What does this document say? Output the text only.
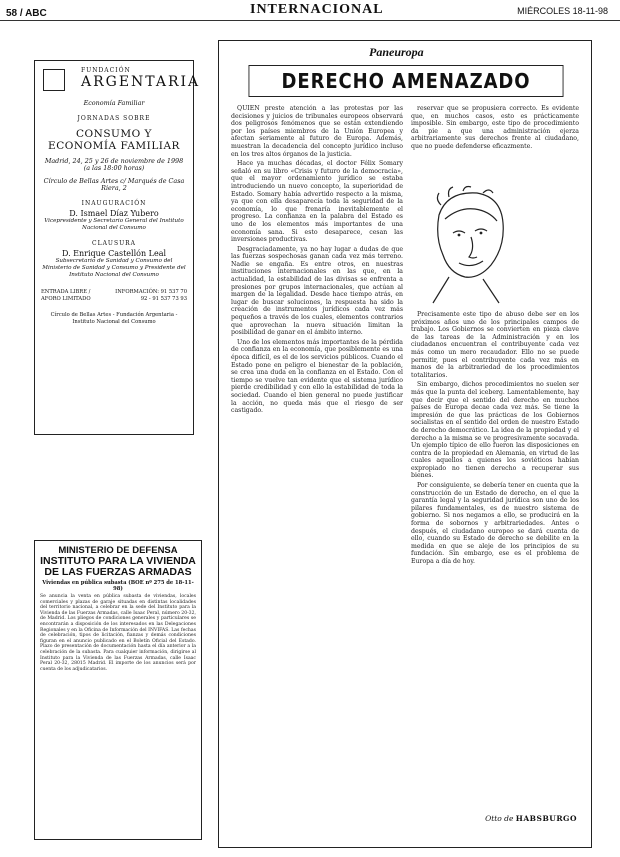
58 / ABC	INTERNACIONAL	MIÉRCOLES 18-11-98
FUNDACIÓN
ARGENTARIA
Economía Familiar
JORNADAS SOBRE
CONSUMO Y ECONOMÍA FAMILIAR
Madrid, 24, 25 y 26 de noviembre de 1998 (a las 18:00 horas)
Círculo de Bellas Artes c/ Marqués de Casa Riera, 2
INAUGURACIÓN
D. Ismael Díaz Yubero
Vicepresidente y Secretario General del Instituto Nacional del Consumo
CLAUSURA
D. Enrique Castellón Leal
Subsecretario de Sanidad y Consumo del Ministerio de Sanidad y Consumo y Presidente del Instituto Nacional del Consumo
ENTRADA LIBRE / AFORO LIMITADO
INFORMACIÓN: 91 537 70 92 - 91 537 73 93
Círculo de Bellas Artes - Fundación Argentaria - Instituto Nacional del Consumo
MINISTERIO DE DEFENSA
INSTITUTO PARA LA VIVIENDA DE LAS FUERZAS ARMADAS
Viviendas en pública subasta (BOE nº 275 de 18-11-98)
Se anuncia la venta en pública subasta de viviendas, locales comerciales y plazas de garaje situadas en distintas localidades del territorio nacional, a celebrar en la sede del Instituto para la Vivienda de las Fuerzas Armadas, calle Isaac Peral, número 20-32, de Madrid. Los pliegos de condiciones generales y particulares se encontrarán a disposición de los interesados en las Delegaciones Regionales y en la Oficina de Información del INVIFAS. Las fechas de celebración, tipos de licitación, fianzas y demás condiciones figuran en el anuncio publicado en el Boletín Oficial del Estado. Plazo de presentación de documentación hasta el día anterior a la celebración de la subasta. Para cualquier información, dirigirse al Instituto para la Vivienda de las Fuerzas Armadas, calle Isaac Peral 20-32, 28015 Madrid. El importe de los anuncios será por cuenta de los adjudicatarios.
Paneuropa
DERECHO AMENAZADO

QUIEN preste atención a las protestas por las decisiones y juicios de tribunales europeos observará dos peligrosos fenómenos que se están extendiendo por los países miembros de la Unión Europea y afectan seriamente al futuro de Europa. Además, muestran la decadencia del concepto jurídico incluso en los tres altos órganos de la justicia.

Hace ya muchas décadas, el doctor Félix Somary señaló en su libro «Crisis y futuro de la democracia», que el mayor ordenamiento jurídico se estaba introduciendo un nuevo concepto, la superioridad de Estado. Somary había advertido respecto a la misma, ya que con ella desaparecía toda la seguridad de la economía, lo que frenaría inevitablemente el progreso. La confianza en la palabra del Estado es uno de los elementos más importantes de una economía sana. Si esto desaparece, cesan las inversiones productivas.

Desgraciadamente, ya no hay lugar a dudas de que las fuerzas sospechosas ganan cada vez más terreno. Nadie se engaña. Es entre otros, en nuestras instituciones internacionales en las que, en la actualidad, la estabilidad de las divisas se enfrenta a presiones por grupos internacionales, que actúan al margen de la legalidad. Desde hace tiempo atrás, en lugar de buscar soluciones, la respuesta ha sido la creación de instrumentos jurídicos cada vez más pequeños a través de los cuales, elementos contrarios que aprovechan la nueva situación limitan la posibilidad de ganar en el ámbito interno.

Uno de los elementos más importantes de la pérdida de confianza en la economía, que posiblemente es una época difícil, es el de los servicios públicos. Cuando el Estado pone en peligro el bienestar de la población, se crea una duda en la confianza en el Estado. Con el tiempo se vuelve tan evidente que el sistema jurídico pierde credibilidad y con ello la estabilidad de toda la sociedad. Cuando el bien general no puede justificar la acción, no queda más que el riesgo de ser castigado.

reservar que se propusiera correcto. Es evidente que, en muchos casos, esto es prácticamente imposible. Sin embargo, este tipo de procedimiento da pie a que una administración ejerza arbitrariamente sus derechos frente al ciudadano, que no puede defenderse eficazmente.

Precisamente este tipo de abuso debe ser en los próximos años uno de los principales campos de trabajo. Los Gobiernos se convierten en pieza clave de las tareas de la Administración y en los ciudadanos encuentran el contribuyente cada vez más como un mero recaudador. Ello no se puede permitir, pues el contribuyente cada vez más en manos de la arbitrariedad de los procedimientos totalitarios.

Sin embargo, dichos procedimientos no suelen ser más que la punta del iceberg. Lamentablemente, hay que decir que el sentido del derecho en muchos países de Europa decae cada vez más. Se tiene la impresión de que las prácticas de los Gobiernos socialistas en el sentido del orden de nuestro Estado de derecho democrático. La idea de la propiedad y el derecho a la misma se ve progresivamente socavada. Un ejemplo típico de ello fueron las disposiciones en contra de la propiedad en Alemania, en virtud de las cuales aquellos a quienes los soviéticos habían expropiado no tienen derecho a recuperar sus bienes.

Por consiguiente, se debería tener en cuenta que la construcción de un Estado de derecho, en el que la garantía legal y la seguridad jurídica son uno de los pilares fundamentales, es de nuestro sistema de gobierno. Si nos negamos a ello, se producirá en la forma de sobornos y arbitrariedades. Antes o después, el ciudadano europeo se dará cuenta de ello, cuando su Estado de derecho se debilite en la medida en que se aleje de los principios de su fundación. Sin embargo, ese es el problema de Europa a día de hoy.

Otto de HABSBURGO
